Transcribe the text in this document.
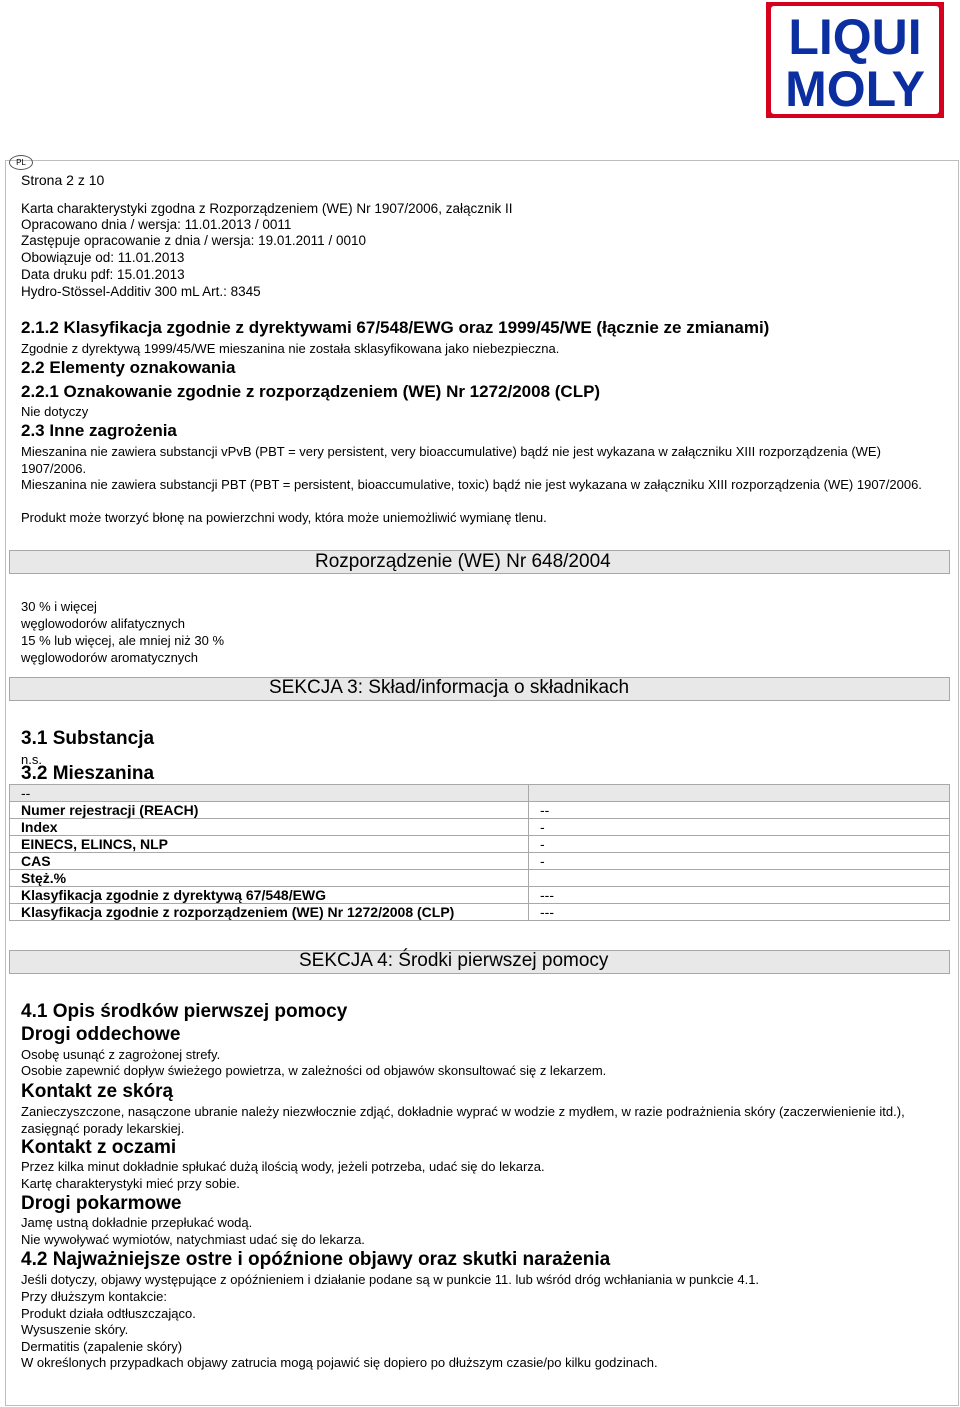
LIQUI
MOLY
PL
Strona 2 z 10
Karta charakterystyki zgodna z Rozporządzeniem (WE) Nr 1907/2006, załącznik II
Opracowano dnia / wersja: 11.01.2013 / 0011
Zastępuje opracowanie z dnia / wersja: 19.01.2011 / 0010
Obowiązuje od: 11.01.2013
Data druku pdf: 15.01.2013
Hydro-Stössel-Additiv 300 mL Art.: 8345
2.1.2 Klasyfikacja zgodnie z dyrektywami 67/548/EWG oraz 1999/45/WE (łącznie ze zmianami)
Zgodnie z dyrektywą 1999/45/WE mieszanina nie została sklasyfikowana jako niebezpieczna.
2.2 Elementy oznakowania
2.2.1 Oznakowanie zgodnie z rozporządzeniem (WE) Nr 1272/2008 (CLP)
Nie dotyczy
2.3 Inne zagrożenia
Mieszanina nie zawiera substancji vPvB (PBT = very persistent, very bioaccumulative) bądź nie jest wykazana w załączniku XIII rozporządzenia (WE) 1907/2006.
Mieszanina nie zawiera substancji PBT (PBT = persistent, bioaccumulative, toxic) bądź nie jest wykazana w załączniku XIII rozporządzenia (WE) 1907/2006.
Produkt może tworzyć błonę na powierzchni wody, która może uniemożliwić wymianę tlenu.
Rozporządzenie (WE) Nr 648/2004
30 % i więcej
węglowodorów alifatycznych
15 % lub więcej, ale mniej niż 30 %
węglowodorów aromatycznych
SEKCJA 3: Skład/informacja o składnikach
3.1 Substancja
n.s.
3.2 Mieszanina
--	
Numer rejestracji (REACH)	--
Index	-
EINECS, ELINCS, NLP	-
CAS	-
Stęż.%	
Klasyfikacja zgodnie z dyrektywą 67/548/EWG	---
Klasyfikacja zgodnie z rozporządzeniem (WE) Nr 1272/2008 (CLP)	---
SEKCJA 4: Środki pierwszej pomocy
4.1 Opis środków pierwszej pomocy
Drogi oddechowe
Osobę usunąć z zagrożonej strefy.
Osobie zapewnić dopływ świeżego powietrza, w zależności od objawów skonsultować się z lekarzem.
Kontakt ze skórą
Zanieczyszczone, nasączone ubranie należy niezwłocznie zdjąć, dokładnie wyprać w wodzie z mydłem, w razie podrażnienia skóry (zaczerwienienie itd.), zasięgnąć porady lekarskiej.
Kontakt z oczami
Przez kilka minut dokładnie spłukać dużą ilością wody, jeżeli potrzeba, udać się do lekarza.
Kartę charakterystyki mieć przy sobie.
Drogi pokarmowe
Jamę ustną dokładnie przepłukać wodą.
Nie wywoływać wymiotów, natychmiast udać się do lekarza.
4.2 Najważniejsze ostre i opóźnione objawy oraz skutki narażenia
Jeśli dotyczy, objawy występujące z opóźnieniem i działanie podane są w punkcie 11. lub wśród dróg wchłaniania w punkcie 4.1.
Przy dłuższym kontakcie:
Produkt działa odtłuszczająco.
Wysuszenie skóry.
Dermatitis (zapalenie skóry)
W określonych przypadkach objawy zatrucia mogą pojawić się dopiero po dłuższym czasie/po kilku godzinach.
